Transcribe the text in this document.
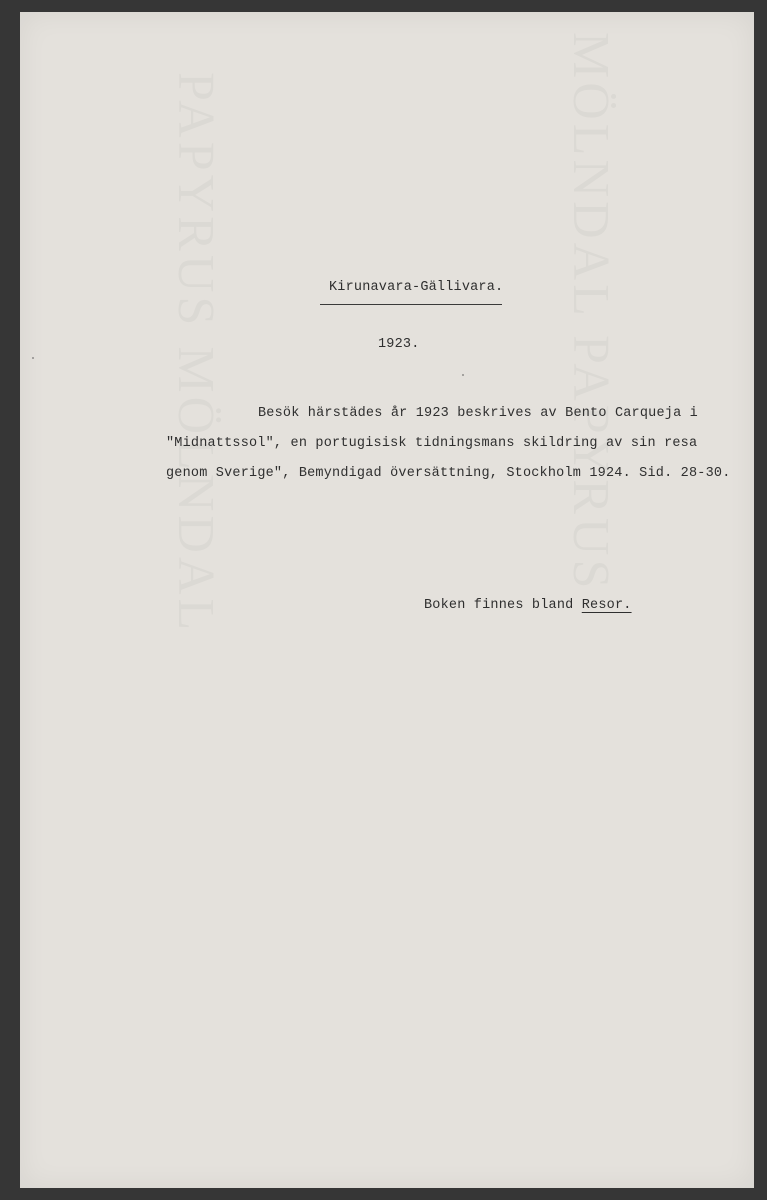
Kirunavara-Gällivara.
1923.
Besök härstädes år 1923 beskrives av Bento Carqueja i
"Midnattssol", en portugisisk tidningsmans skildring av sin resa
genom Sverige", Bemyndigad översättning, Stockholm 1924. Sid. 28-30.
Boken finnes bland Resor.
